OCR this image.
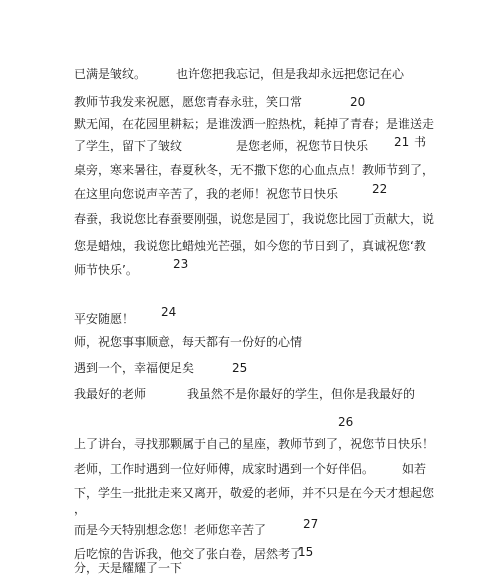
已满是皱纹。 也许您把我忘记，但是我却永远把您记在心
教师节我发来祝愿，愿您青春永驻，笑口常	20
默无闻，在花园里耕耘；是谁泼洒一腔热枕，耗掉了青春；是谁送走
了学生，留下了皱纹	是您老师，祝您节日快乐 21 书
桌旁，寒来暑往，春夏秋冬，无不撒下您的心血点点！教师节到了，
在这里向您说声辛苦了，我的老师！祝您节日快乐	22
春蚕，我说您比春蚕要刚强，说您是园丁，我说您比园丁贡献大，说
您是蜡烛，我说您比蜡烛光芒强，如今您的节日到了，真诚祝您‘教
师节快乐’。	23
平安随愿！ 24
师，祝您事事顺意，每天都有一份好的心情
遇到一个，幸福便足矣	25
我最好的老师	我虽然不是你最好的学生，但你是我最好的
26
上了讲台，寻找那颗属于自己的星座，教师节到了，祝您节日快乐！
老师，工作时遇到一位好师傅，成家时遇到一个好伴侣。 如若
下，学生一批批走来又离开，敬爱的老师，并不只是在今天才想起您
，
而是今天特别想念您！老师您辛苦了	27
后吃惊的告诉我，他交了张白卷，居然考了
15
分，天是耀耀了一下
